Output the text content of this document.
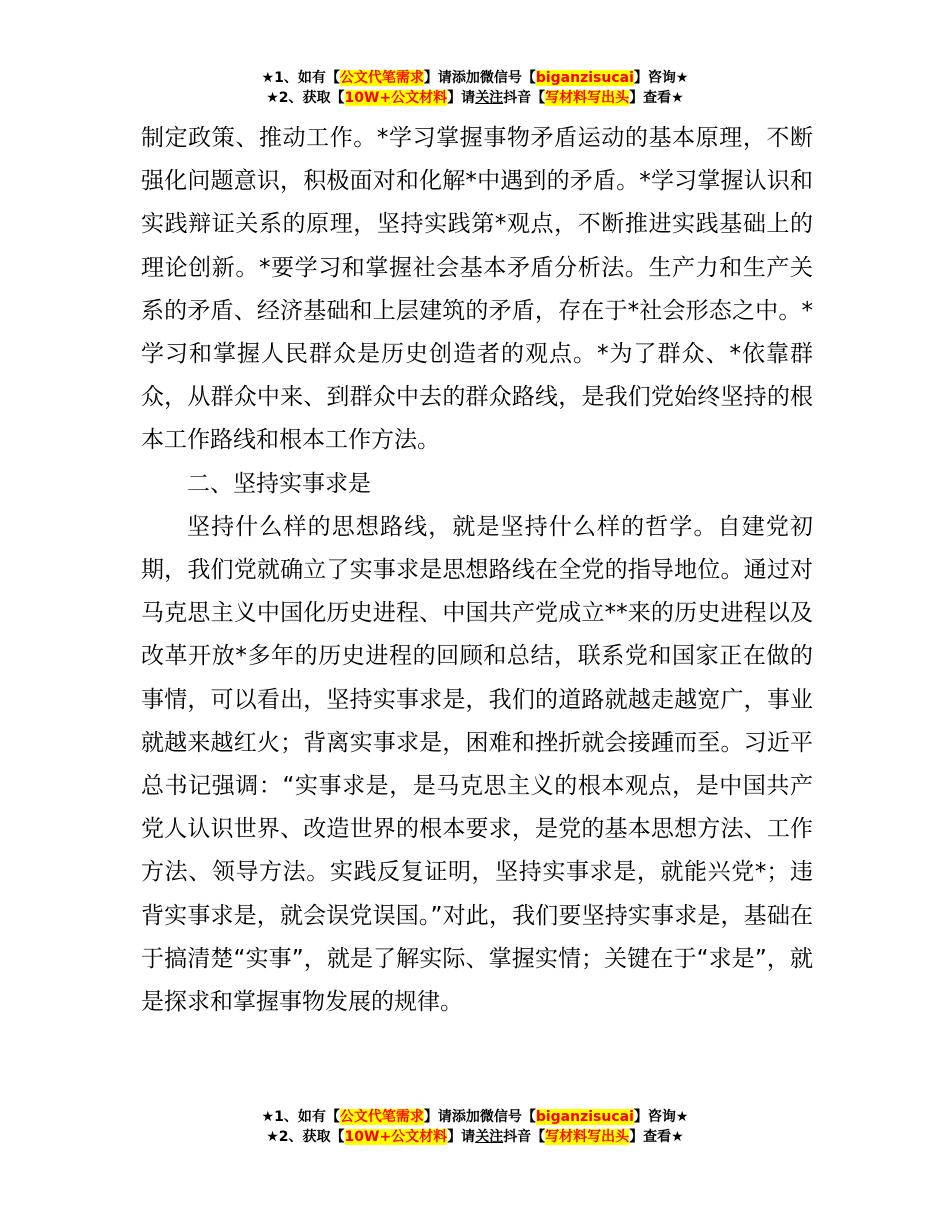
★1、如有【公文代笔需求】请添加微信号【biganzisucai】咨询★
★2、获取【10W+公文材料】请关注抖音【写材料写出头】查看★

制定政策、推动工作。*学习掌握事物矛盾运动的基本原理，不断强化问题意识，积极面对和化解*中遇到的矛盾。*学习掌握认识和实践辩证关系的原理，坚持实践第*观点，不断推进实践基础上的理论创新。*要学习和掌握社会基本矛盾分析法。生产力和生产关系的矛盾、经济基础和上层建筑的矛盾，存在于*社会形态之中。*学习和掌握人民群众是历史创造者的观点。*为了群众、*依靠群众，从群众中来、到群众中去的群众路线，是我们党始终坚持的根本工作路线和根本工作方法。

二、坚持实事求是

坚持什么样的思想路线，就是坚持什么样的哲学。自建党初期，我们党就确立了实事求是思想路线在全党的指导地位。通过对马克思主义中国化历史进程、中国共产党成立**来的历史进程以及改革开放*多年的历史进程的回顾和总结，联系党和国家正在做的事情，可以看出，坚持实事求是，我们的道路就越走越宽广，事业就越来越红火；背离实事求是，困难和挫折就会接踵而至。习近平总书记强调：“实事求是，是马克思主义的根本观点，是中国共产党人认识世界、改造世界的根本要求，是党的基本思想方法、工作方法、领导方法。实践反复证明，坚持实事求是，就能兴党*；违背实事求是，就会误党误国。”对此，我们要坚持实事求是，基础在于搞清楚“实事”，就是了解实际、掌握实情；关键在于“求是”，就是探求和掌握事物发展的规律。

★1、如有【公文代笔需求】请添加微信号【biganzisucai】咨询★
★2、获取【10W+公文材料】请关注抖音【写材料写出头】查看★
